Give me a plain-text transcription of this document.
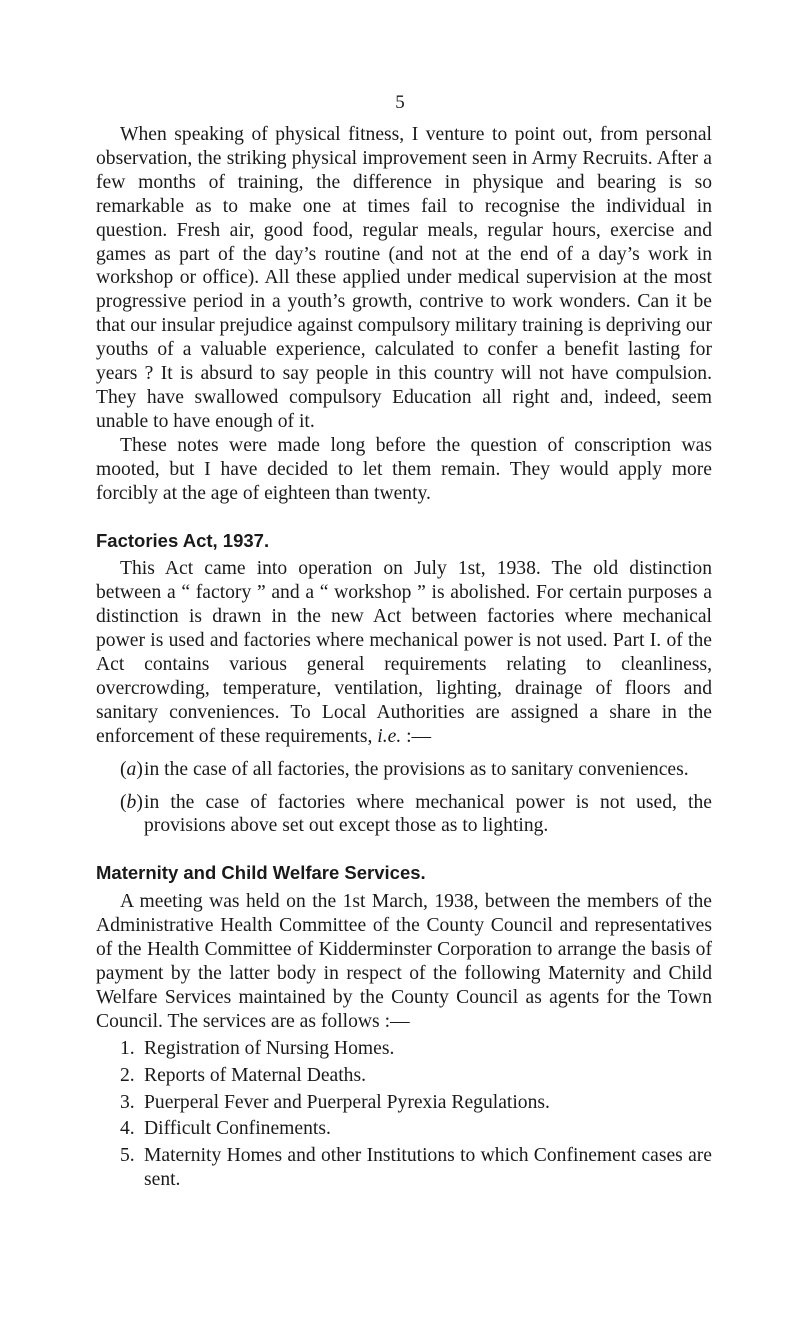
5

When speaking of physical fitness, I venture to point out, from personal observation, the striking physical improvement seen in Army Recruits. After a few months of training, the difference in physique and bearing is so remarkable as to make one at times fail to recognise the individual in question. Fresh air, good food, regular meals, regular hours, exercise and games as part of the day’s routine (and not at the end of a day’s work in workshop or office). All these applied under medical supervision at the most progressive period in a youth’s growth, contrive to work wonders. Can it be that our insular prejudice against compulsory military training is depriving our youths of a valuable experience, calculated to confer a benefit lasting for years ? It is absurd to say people in this country will not have compulsion. They have swallowed compulsory Education all right and, indeed, seem unable to have enough of it.

These notes were made long before the question of conscription was mooted, but I have decided to let them remain. They would apply more forcibly at the age of eighteen than twenty.

Factories Act, 1937.

This Act came into operation on July 1st, 1938. The old distinction between a “ factory ” and a “ workshop ” is abolished. For certain purposes a distinction is drawn in the new Act between factories where mechanical power is used and factories where mechanical power is not used. Part I. of the Act contains various general requirements relating to cleanliness, overcrowding, temperature, ventilation, lighting, drainage of floors and sanitary conveniences. To Local Authorities are assigned a share in the enforcement of these requirements, i.e. :—

(a) in the case of all factories, the provisions as to sanitary conveniences.
(b) in the case of factories where mechanical power is not used, the provisions above set out except those as to lighting.
Maternity and Child Welfare Services.

A meeting was held on the 1st March, 1938, between the members of the Administrative Health Committee of the County Council and representatives of the Health Committee of Kidderminster Corporation to arrange the basis of payment by the latter body in respect of the following Maternity and Child Welfare Services maintained by the County Council as agents for the Town Council. The services are as follows :—

1. Registration of Nursing Homes.
2. Reports of Maternal Deaths.
3. Puerperal Fever and Puerperal Pyrexia Regulations.
4. Difficult Confinements.
5. Maternity Homes and other Institutions to which Confinement cases are sent.
